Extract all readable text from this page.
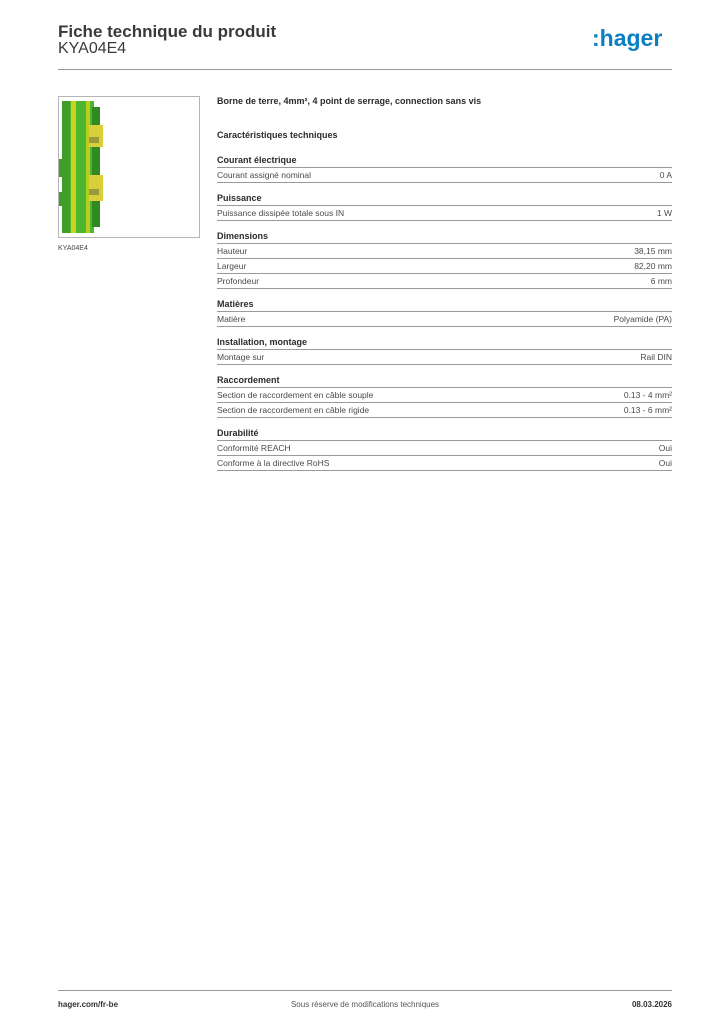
Fiche technique du produit
KYA04E4	:hager
KYA04E4
Borne de terre, 4mm², 4 point de serrage, connection sans vis
Caractéristiques techniques
Courant électrique
Courant assigné nominal	0 A
Puissance
Puissance dissipée totale sous IN	1 W
Dimensions
Hauteur	38,15 mm
Largeur	82,20 mm
Profondeur	6 mm
Matières
Matière	Polyamide (PA)
Installation, montage
Montage sur	Rail DIN
Raccordement
Section de raccordement en câble souple	0.13 - 4 mm²
Section de raccordement en câble rigide	0.13 - 6 mm²
Durabilité
Conformité REACH	Oui
Conforme à la directive RoHS	Oui
hager.com/fr-be	Sous réserve de modifications techniques	08.03.2026
